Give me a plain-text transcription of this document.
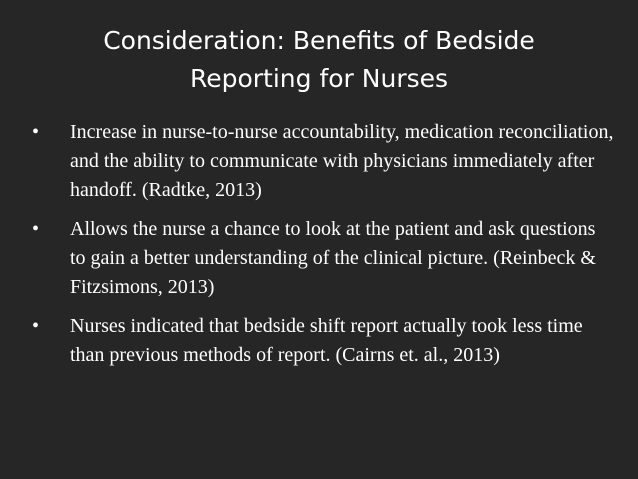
Consideration: Benefits of Bedside
Reporting for Nurses
• Increase in nurse-to-nurse accountability, medication reconciliation, and the ability to communicate with physicians immediately after handoff. (Radtke, 2013)
• Allows the nurse a chance to look at the patient and ask questions to gain a better understanding of the clinical picture. (Reinbeck & Fitzsimons, 2013)
• Nurses indicated that bedside shift report actually took less time than previous methods of report. (Cairns et. al., 2013)
